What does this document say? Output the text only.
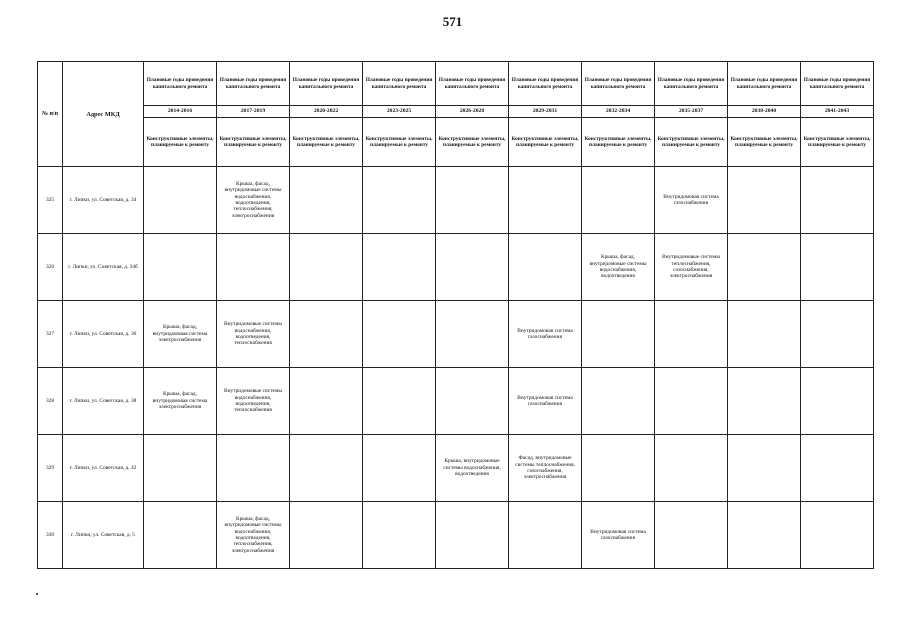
571
№ п/п	Адрес МКД	Плановые годы проведения капитального ремонта	Плановые годы проведения капитального ремонта	Плановые годы проведения капитального ремонта	Плановые годы проведения капитального ремонта	Плановые годы проведения капитального ремонта	Плановые годы проведения капитального ремонта	Плановые годы проведения капитального ремонта	Плановые годы проведения капитального ремонта	Плановые годы проведения капитального ремонта	Плановые годы проведения капитального ремонта
		2014-2016	2017-2019	2020-2022	2023-2025	2026-2028	2029-2031	2032-2034	2035-2037	2038-2040	2041-2043
		Конструктивные элементы, планируемые к ремонту	Конструктивные элементы, планируемые к ремонту	Конструктивные элементы, планируемые к ремонту	Конструктивные элементы, планируемые к ремонту	Конструктивные элементы, планируемые к ремонту	Конструктивные элементы, планируемые к ремонту	Конструктивные элементы, планируемые к ремонту	Конструктивные элементы, планируемые к ремонту	Конструктивные элементы, планируемые к ремонту	Конструктивные элементы, планируемые к ремонту
325	г. Липки, ул. Советская, д. 34		Крыша, фасад, внутридомовые системы водоснабжения, водоотведения, теплоснабжения, электроснабжения						Внутридомовая система газоснабжения		
326	г. Липки, ул. Советская, д. 34б							Крыша, фасад, внутридомовые системы водоснабжения, водоотведения	Внутридомовые системы теплоснабжения, газоснабжения, электроснабжения		
327	г. Липки, ул. Советская, д. 36	Крыша, фасад, внутридомовая система электроснабжения	Внутридомовые системы водоснабжения, водоотведения, теплоснабжения				Внутридомовая система газоснабжения				
328	г. Липки, ул. Советская, д. 38	Крыша, фасад, внутридомовая система электроснабжения	Внутридомовые системы водоснабжения, водоотведения, теплоснабжения				Внутридомовая система газоснабжения				
329	г. Липки, ул. Советская, д. 42					Крыша, внутридомовые системы водоснабжения, водоотведения	Фасад, внутридомовые системы теплоснабжения, газоснабжения, электроснабжения				
330	г. Липки, ул. Советская, д. 5		Крыша, фасад, внутридомовые системы водоснабжения, водоотведения, теплоснабжения, электроснабжения					Внутридомовая система газоснабжения			
